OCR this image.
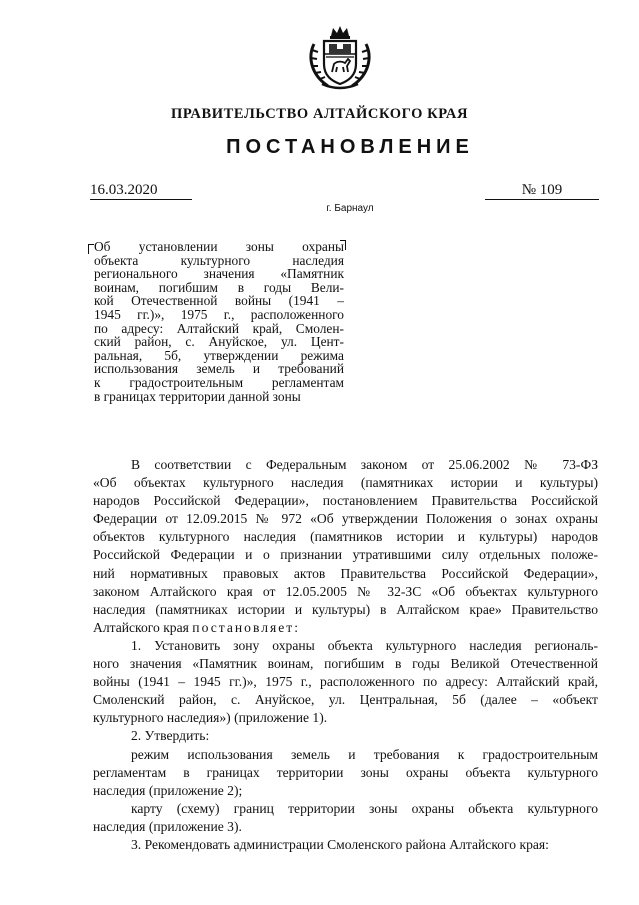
ПРАВИТЕЛЬСТВО АЛТАЙСКОГО КРАЯ
ПОСТАНОВЛЕНИЕ
16.03.2020	№ 109
г. Барнаул
Об установлении зоны охраны
объекта культурного наследия
регионального значения «Памятник
воинам, погибшим в годы Вели-
кой Отечественной войны (1941 –
1945 гг.)», 1975 г., расположенного
по адресу: Алтайский край, Смолен-
ский район, с. Ануйское, ул. Цент-
ральная, 5б, утверждении режима
использования земель и требований
к градостроительным регламентам
в границах территории данной зоны
В соответствии с Федеральным законом от 25.06.2002 № 73-ФЗ
«Об объектах культурного наследия (памятниках истории и культуры)
народов Российской Федерации», постановлением Правительства Российской
Федерации от 12.09.2015 № 972 «Об утверждении Положения о зонах охраны
объектов культурного наследия (памятников истории и культуры) народов
Российской Федерации и о признании утратившими силу отдельных положе-
ний нормативных правовых актов Правительства Российской Федерации»,
законом Алтайского края от 12.05.2005 № 32-ЗС «Об объектах культурного
наследия (памятниках истории и культуры) в Алтайском крае» Правительство
Алтайского края постановляет:
1. Установить зону охраны объекта культурного наследия региональ-
ного значения «Памятник воинам, погибшим в годы Великой Отечественной
войны (1941 – 1945 гг.)», 1975 г., расположенного по адресу: Алтайский край,
Смоленский район, с. Ануйское, ул. Центральная, 5б (далее – «объект
культурного наследия») (приложение 1).
2. Утвердить:
режим использования земель и требования к градостроительным
регламентам в границах территории зоны охраны объекта культурного
наследия (приложение 2);
карту (схему) границ территории зоны охраны объекта культурного
наследия (приложение 3).
3. Рекомендовать администрации Смоленского района Алтайского края:
